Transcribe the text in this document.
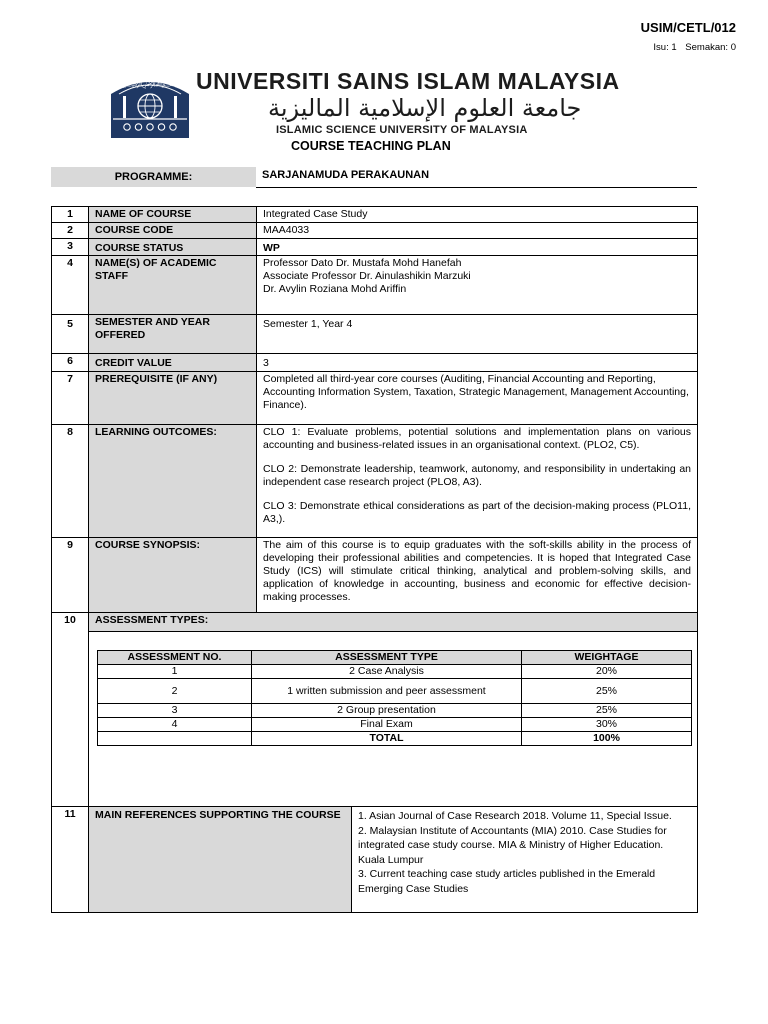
USIM/CETL/012
Isu: 1 Semakan: 0
﷽ UNIVERSITI SAINS ISLAM MALAYSIA
جامعة العلوم الإسلامية الماليزية
ISLAMIC SCIENCE UNIVERSITY OF MALAYSIA
COURSE TEACHING PLAN
PROGRAMME:	SARJANAMUDA PERAKAUNAN
1	NAME OF COURSE	Integrated Case Study
2	COURSE CODE	MAA4033
3	COURSE STATUS	WP
4	NAME(S) OF ACADEMIC STAFF	
Professor Dato Dr. Mustafa Mohd Hanefah
Associate Professor Dr. Ainulashikin Marzuki
Dr. Avylin Roziana Mohd Ariffin

5	SEMESTER AND YEAR OFFERED	Semester 1, Year 4
6	CREDIT VALUE	3
7	PREREQUISITE (IF ANY)	Completed all third-year core courses (Auditing, Financial Accounting and Reporting, Accounting Information System, Taxation, Strategic Management, Management Accounting, Finance).
8	LEARNING OUTCOMES:	CLO 1: Evaluate problems, potential solutions and implementation plans on various accounting and business-related issues in an organisational context. (PLO2, C5).

CLO 2: Demonstrate leadership, teamwork, autonomy, and responsibility in undertaking an independent case research project (PLO8, A3).

CLO 3: Demonstrate ethical considerations as part of the decision-making process (PLO11, A3,).

9	COURSE SYNOPSIS:	The aim of this course is to equip graduates with the soft-skills ability in the process of developing their professional abilities and competencies. It is hoped that Integrated Case Study (ICS) will stimulate critical thinking, analytical and problem-solving skills, and application of knowledge in accounting, business and economic for effective decision-making processes.
10	ASSESSMENT TYPES:

ASSESSMENT NO.	ASSESSMENT TYPE	WEIGHTAGE
1	2 Case Analysis	20%
2	1 written submission and peer assessment	25%
3	2 Group presentation	25%
4	Final Exam	30%
	TOTAL	100%

11	MAIN REFERENCES SUPPORTING THE COURSE	1. Asian Journal of Case Research 2018. Volume 11, Special Issue.
2. Malaysian Institute of Accountants (MIA) 2010. Case Studies for integrated case study course. MIA & Ministry of Higher Education. Kuala Lumpur
3. Current teaching case study articles published in the Emerald Emerging Case Studies
